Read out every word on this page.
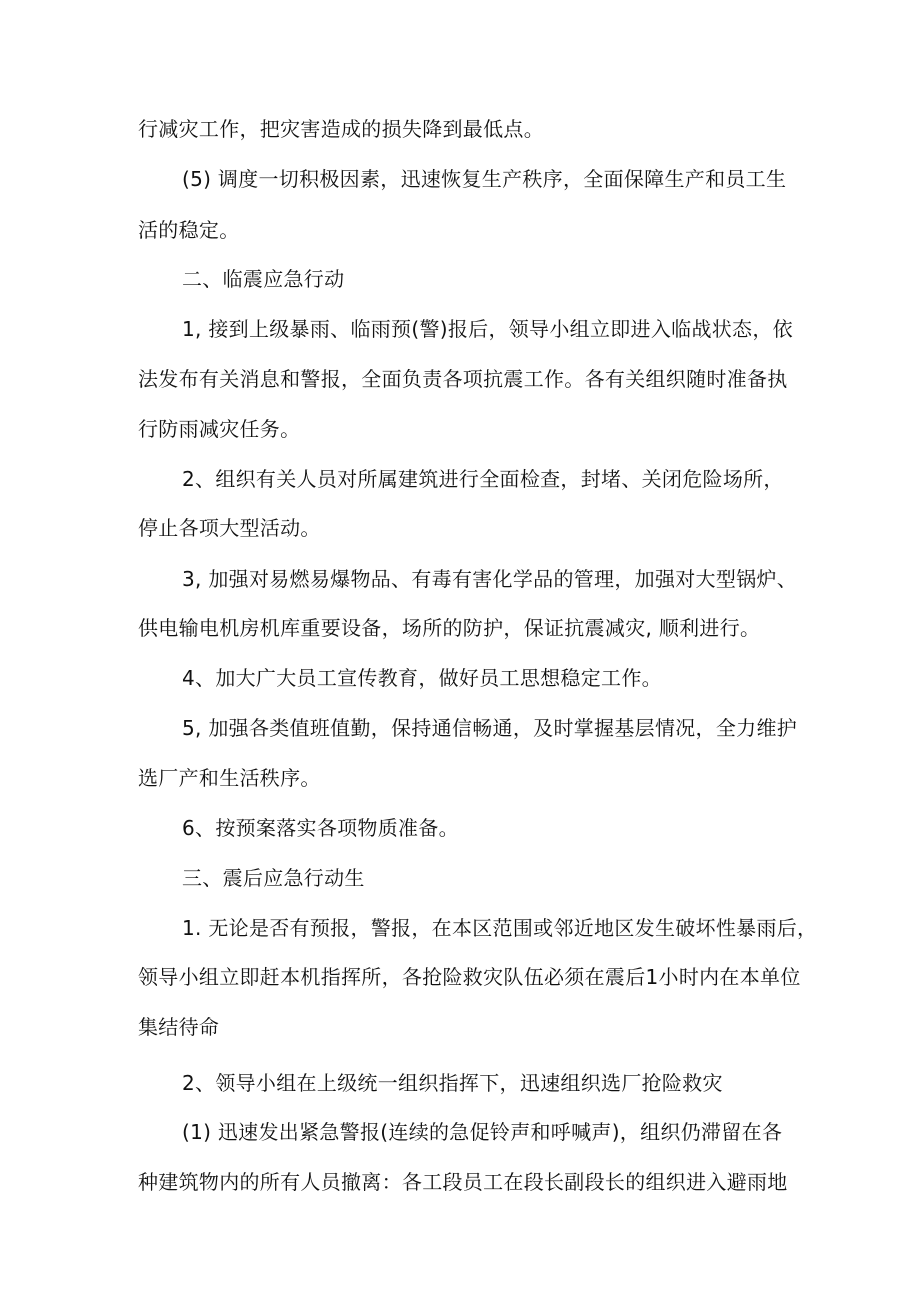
行减灾工作，把灾害造成的损失降到最低点。
(5) 调度一切积极因素，迅速恢复生产秩序，全面保障生产和员工生
活的稳定。
二、临震应急行动
1, 接到上级暴雨、临雨预(警)报后，领导小组立即进入临战状态，依
法发布有关消息和警报，全面负责各项抗震工作。各有关组织随时准备执
行防雨减灾任务。
2、组织有关人员对所属建筑进行全面检查，封堵、关闭危险场所，
停止各项大型活动。
3, 加强对易燃易爆物品、有毒有害化学品的管理，加强对大型锅炉、
供电输电机房机库重要设备，场所的防护，保证抗震减灾, 顺利进行。
4、加大广大员工宣传教育，做好员工思想稳定工作。
5, 加强各类值班值勤，保持通信畅通，及时掌握基层情况，全力维护
选厂产和生活秩序。
6、按预案落实各项物质准备。
三、震后应急行动生
1. 无论是否有预报，警报，在本区范围或邻近地区发生破坏性暴雨后，
领导小组立即赶本机指挥所，各抢险救灾队伍必须在震后1小时内在本单位
集结待命
2、领导小组在上级统一组织指挥下，迅速组织选厂抢险救灾
(1) 迅速发出紧急警报(连续的急促铃声和呼喊声)，组织仍滞留在各
种建筑物内的所有人员撤离：各工段员工在段长副段长的组织进入避雨地
